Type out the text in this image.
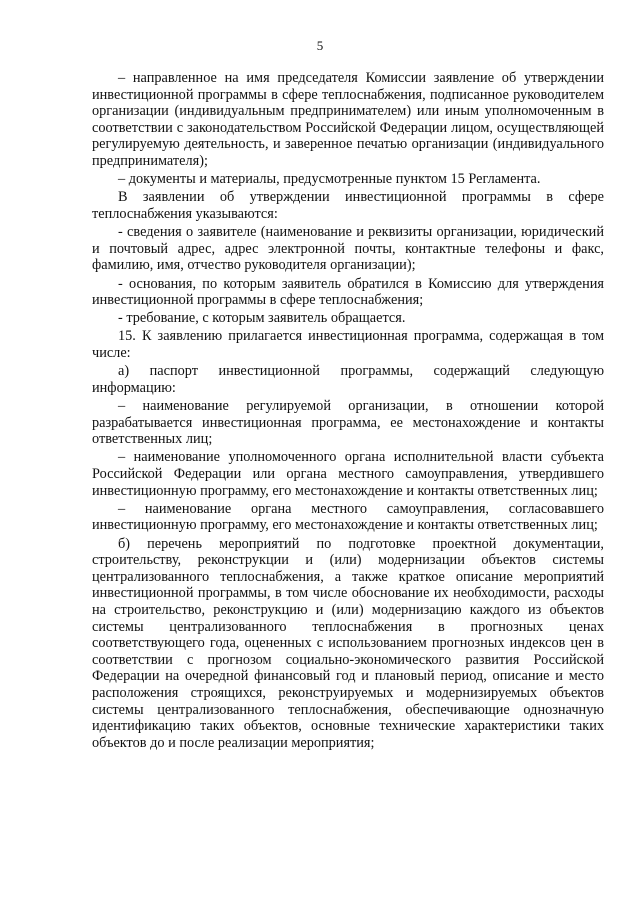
5

– направленное на имя председателя Комиссии заявление об утверждении инвестиционной программы в сфере теплоснабжения, подписанное руководителем организации (индивидуальным предпринимателем) или иным уполномоченным в соответствии с законодательством Российской Федерации лицом, осуществляющей регулируемую деятельность, и заверенное печатью организации (индивидуального предпринимателя);

– документы и материалы, предусмотренные пунктом 15 Регламента.

В заявлении об утверждении инвестиционной программы в сфере теплоснабжения указываются:

- сведения о заявителе (наименование и реквизиты организации, юридический и почтовый адрес, адрес электронной почты, контактные телефоны и факс, фамилию, имя, отчество руководителя организации);

- основания, по которым заявитель обратился в Комиссию для утверждения инвестиционной программы в сфере теплоснабжения;

- требование, с которым заявитель обращается.

15. К заявлению прилагается инвестиционная программа, содержащая в том числе:

а) паспорт инвестиционной программы, содержащий следующую информацию:

– наименование регулируемой организации, в отношении которой разрабатывается инвестиционная программа, ее местонахождение и контакты ответственных лиц;

– наименование уполномоченного органа исполнительной власти субъекта Российской Федерации или органа местного самоуправления, утвердившего инвестиционную программу, его местонахождение и контакты ответственных лиц;

– наименование органа местного самоуправления, согласовавшего инвестиционную программу, его местонахождение и контакты ответственных лиц;

б) перечень мероприятий по подготовке проектной документации, строительству, реконструкции и (или) модернизации объектов системы централизованного теплоснабжения, а также краткое описание мероприятий инвестиционной программы, в том числе обоснование их необходимости, расходы на строительство, реконструкцию и (или) модернизацию каждого из объектов системы централизованного теплоснабжения в прогнозных ценах соответствующего года, оцененных с использованием прогнозных индексов цен в соответствии с прогнозом социально-экономического развития Российской Федерации на очередной финансовый год и плановый период, описание и место расположения строящихся, реконструируемых и модернизируемых объектов системы централизованного теплоснабжения, обеспечивающие однозначную идентификацию таких объектов, основные технические характеристики таких объектов до и после реализации мероприятия;
